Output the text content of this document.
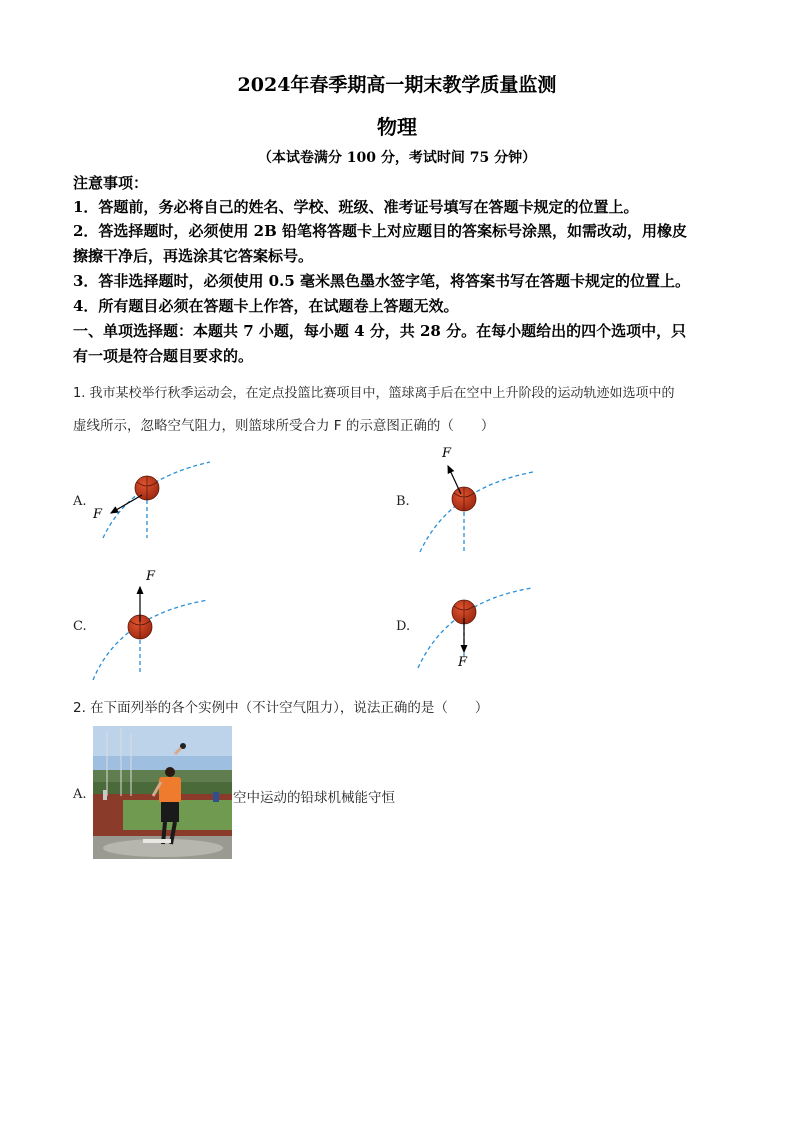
2024年春季期高一期末教学质量监测
物理
（本试卷满分 100 分，考试时间 75 分钟）
注意事项：
1．答题前，务必将自己的姓名、学校、班级、准考证号填写在答题卡规定的位置上。
2．答选择题时，必须使用 2B 铅笔将答题卡上对应题目的答案标号涂黑，如需改动，用橡皮
擦擦干净后，再选涂其它答案标号。
3．答非选择题时，必须使用 0.5 毫米黑色墨水签字笔，将答案书写在答题卡规定的位置上。
4．所有题目必须在答题卡上作答，在试题卷上答题无效。
一、单项选择题：本题共 7 小题，每小题 4 分，共 28 分。在每小题给出的四个选项中，只
有一项是符合题目要求的。
1. 我市某校举行秋季运动会，在定点投篮比赛项目中，篮球离手后在空中上升阶段的运动轨迹如选项中的
虚线所示，忽略空气阻力，则篮球所受合力 F 的示意图正确的（　　）
A.	B.
C.	D.
F
F
F
F
2. 在下面列举的各个实例中（不计空气阻力），说法正确的是（　　）
A.	空中运动的铅球机械能守恒
